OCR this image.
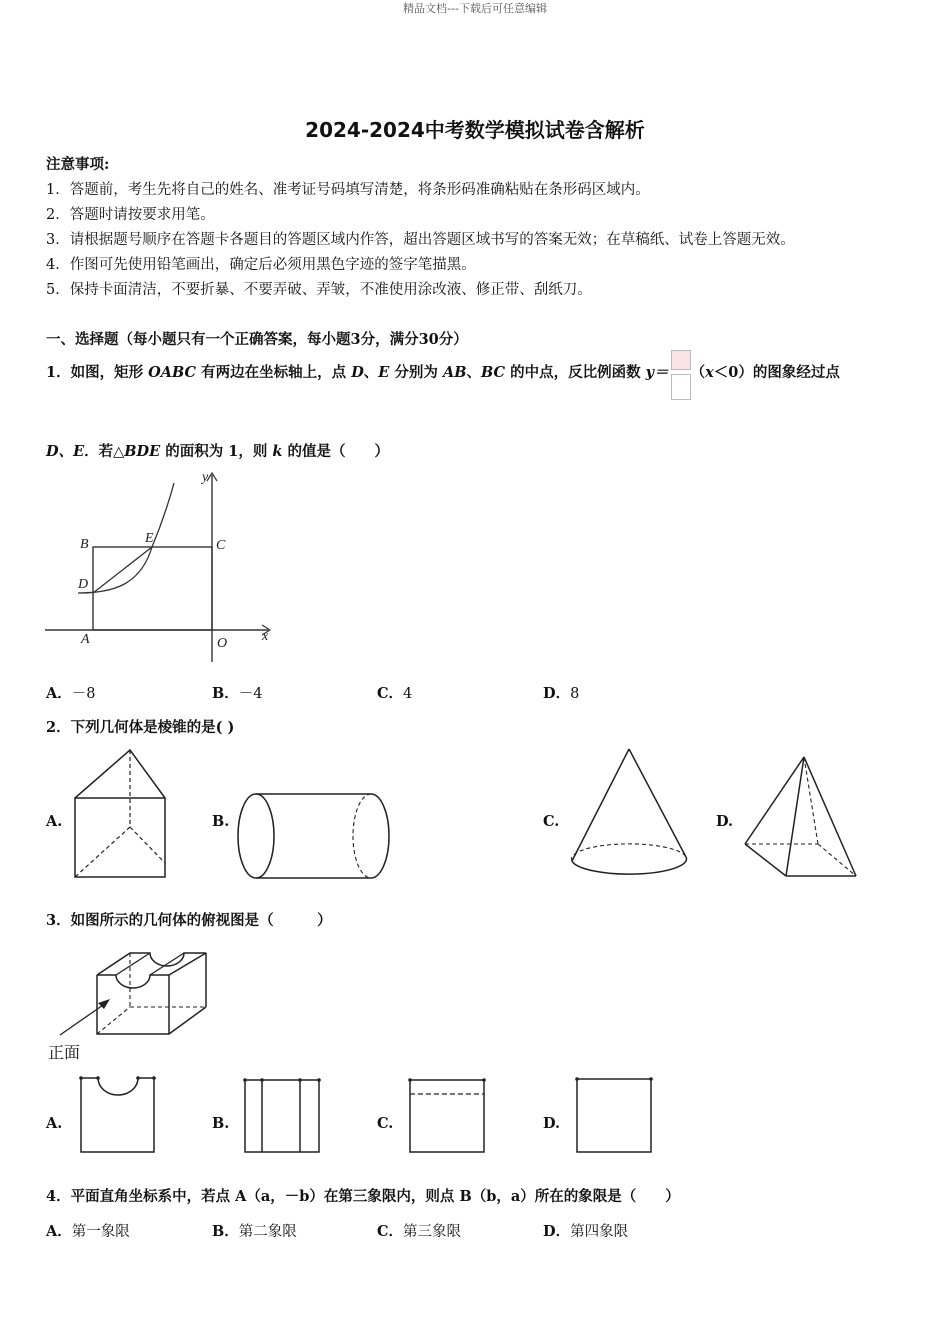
精品文档---下载后可任意编辑
2024-2024中考数学模拟试卷含解析
注意事项:
1．答题前，考生先将自己的姓名、准考证号码填写清楚，将条形码准确粘贴在条形码区域内。
2．答题时请按要求用笔。
3．请根据题号顺序在答题卡各题目的答题区域内作答，超出答题区域书写的答案无效；在草稿纸、试卷上答题无效。
4．作图可先使用铅笔画出，确定后必须用黑色字迹的签字笔描黑。
5．保持卡面清洁，不要折暴、不要弄破、弄皱，不准使用涂改液、修正带、刮纸刀。
一、选择题（每小题只有一个正确答案，每小题3分，满分30分）
1．如图，矩形 OABC 有两边在坐标轴上，点 D、E 分别为 AB、BC 的中点，反比例函数 y＝ （x＜0）的图象经过点
D、E．若△BDE 的面积为 1，则 k 的值是（　　）
y
x
B	E	C
D
A	O
A．－8	B．－4	C．4	D．8
2．下列几何体是棱锥的是( )
A.	B.	C.	D.
3．如图所示的几何体的俯视图是（　　　）
正面
A.	B.	C.	D.
4．平面直角坐标系中，若点 A（a，－b）在第三象限内，则点 B（b，a）所在的象限是（　　）
A．第一象限	B．第二象限	C．第三象限	D．第四象限
